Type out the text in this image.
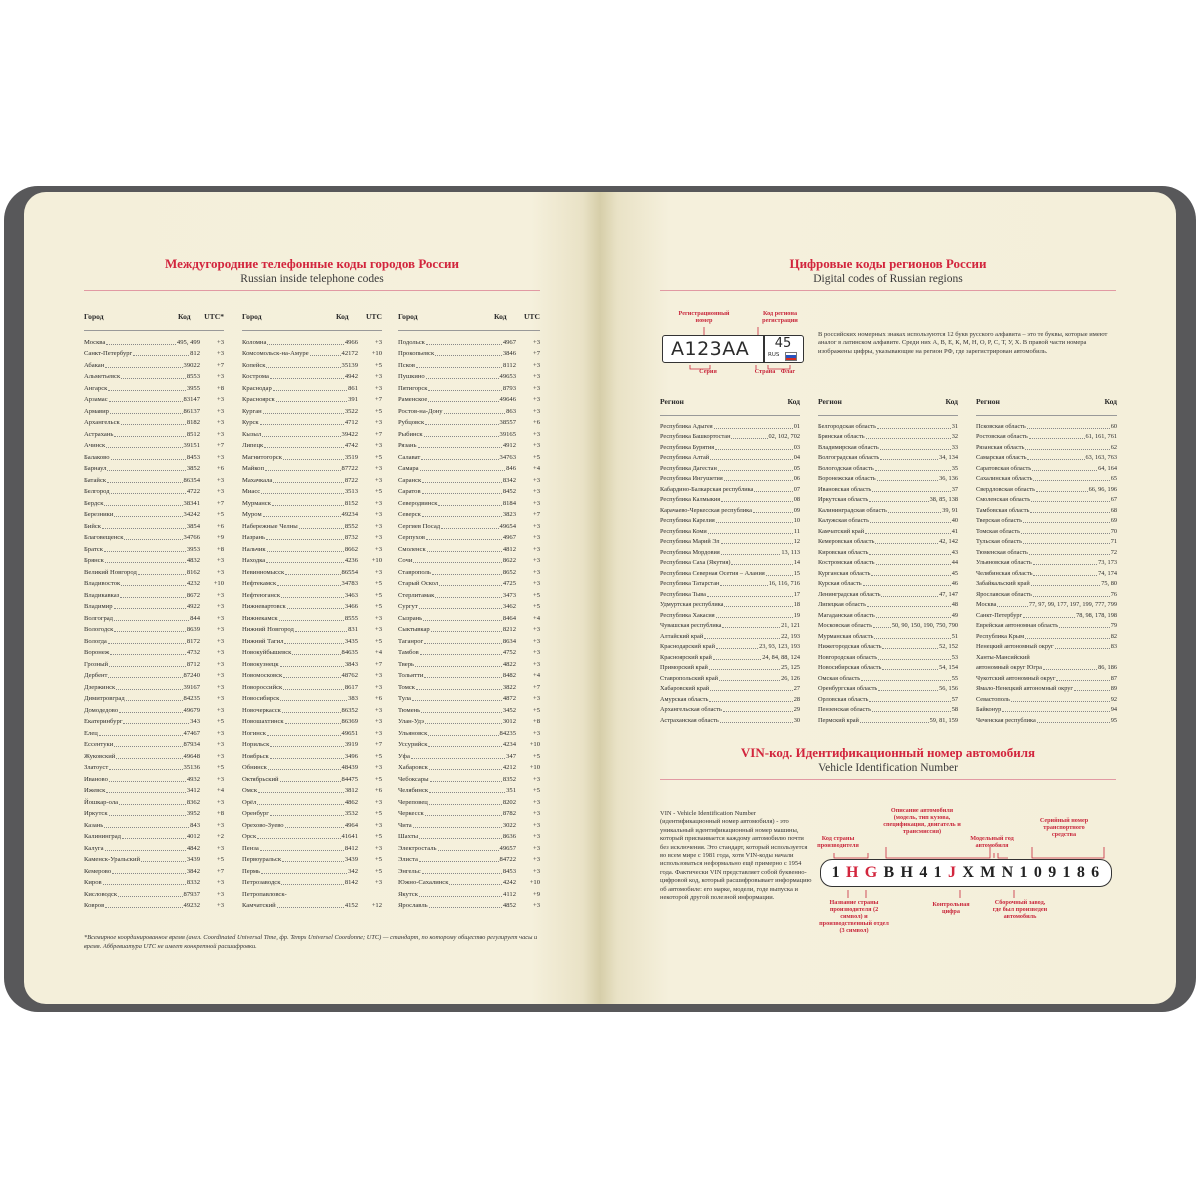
Междугородние телефонные коды городов России
Russian inside telephone codes
Город	Код UTC*
Москва	495, 499	+3
Санкт-Петербург	812	+3
Абакан	39022	+7
Альметьевск	8553	+3
Ангарск	3955	+8
Арзамас	83147	+3
Армавир	86137	+3
Архангельск	8182	+3
Астрахань	8512	+3
Ачинск	39151	+7
Балаково	8453	+3
Барнаул	3852	+6
Батайск	86354	+3
Белгород	4722	+3
Бердск	38341	+7
Березники	34242	+5
Бийск	3854	+6
Благовещенск	34766	+9
Братск	3953	+8
Брянск	4832	+3
Великий Новгород	8162	+3
Владивосток	4232	+10
Владикавказ	8672	+3
Владимир	4922	+3
Волгоград	844	+3
Вологодск	8639	+3
Вологда	8172	+3
Воронеж	4732	+3
Грозный	8712	+3
Дербент	87240	+3
Дзержинск	39167	+3
Димитровград	84235	+3
Домодедово	49679	+3
Екатеринбург	343	+5
Елец	47467	+3
Ессентуки	87934	+3
Жуковский	49648	+3
Златоуст	35136	+5
Иваново	4932	+3
Ижевск	3412	+4
Йошкар-ола	8362	+3
Иркутск	3952	+8
Казань	843	+3
Калининград	4012	+2
Калуга	4842	+3
Каменск-Уральский	3439	+5
Кемерово	3842	+7
Киров	8332	+3
Кисловодск	87937	+3
Коврoв	49232	+3
Город	Код UTC
Коломна	4966	+3
Комсомольск-на-Амуре	42172	+10
Копейск	35139	+5
Кострома	4942	+3
Краснодар	861	+3
Красноярск	391	+7
Курган	3522	+5
Курск	4712	+3
Кызыл	39422	+7
Липецк	4742	+3
Магнитогорск	3519	+5
Майкоп	87722	+3
Махачкала	8722	+3
Миасс	3513	+5
Мурманск	8152	+3
Муром	49234	+3
Набережные Челны	8552	+3
Назрань	8732	+3
Нальчик	8662	+3
Находка	4236	+10
Невинномысск	86554	+3
Нефтекамск	34783	+5
Нефтеюганск	3463	+5
Нижневартовск	3466	+5
Нижнекамск	8555	+3
Нижний Новгород	831	+3
Нижний Тагил	3435	+5
Новокуйбышевск	84635	+4
Новокузнецк	3843	+7
Новомосковск	48762	+3
Новороссийск	8617	+3
Новосибирск	383	+6
Новочеркасск	86352	+3
Новошахтинск	86369	+3
Ногинск	49651	+3
Норильск	3919	+7
Ноябрьск	3496	+5
Обнинск	48439	+3
Октябрьский	84475	+5
Омск	3812	+6
Орёл	4862	+3
Оренбург	3532	+5
Орехово-Зуево	4964	+3
Орск	41641	+5
Пенза	8412	+3
Первоуральск	3439	+5
Пермь	342	+5
Петрозаводск	8142	+3
Петропавловск-
Камчатский	4152	+12
Город	Код UTC
Подольск	4967	+3
Прокопьевск	3846	+7
Псков	8112	+3
Пушкино	49653	+3
Пятигорск	8793	+3
Раменское	49646	+3
Ростов-на-Дону	863	+3
Рубцовск	38557	+6
Рыбинск	39165	+3
Рязань	4912	+3
Салават	34763	+5
Самара	846	+4
Саранск	8342	+3
Саратов	8452	+3
Северодвинск	8184	+3
Северск	3823	+7
Сергиев Посад	49654	+3
Серпухов	4967	+3
Смоленск	4812	+3
Сочи	8622	+3
Ставрополь	8652	+3
Старый Оскол	4725	+3
Стерлитамак	3473	+5
Сургут	3462	+5
Сызрань	8464	+4
Сыктывкар	8212	+3
Таганрог	8634	+3
Тамбов	4752	+3
Тверь	4822	+3
Тольятти	8482	+4
Томск	3822	+7
Тула	4872	+3
Тюмень	3452	+5
Улан-Удэ	3012	+8
Ульяновск	84235	+3
Уссурийск	4234	+10
Уфа	347	+5
Хабаровск	4212	+10
Чебоксары	8352	+3
Челябинск	351	+5
Череповец	8202	+3
Черкесск	8782	+3
Чита	3022	+3
Шахты	8636	+3
Электросталь	49657	+3
Элиста	84722	+3
Энгельс	8453	+3
Южно-Сахалинск	4242	+10
Якутск	4112	+9
Ярославль	4852	+3
*Всемирное координированное время (англ. Coordinated Universal Time, фр. Temps Universel Coordonne; UTC) — стандарт, по которому общество регулирует часы и время. Аббревиатура UTC не имеет конкретной расшифровки.
Цифровые коды регионов России
Digital codes of Russian regions
Регистрационный номер
Код региона регистрации
А123АА	45
RUS
Серия	Страна Флаг
В российских номерных знаках используются 12 букв русского алфавита – это те буквы, которые имеют аналог в латинском алфавите. Среди них А, В, Е, К, М, Н, О, Р, С, Т, У, Х. В правой части номера изображены цифры, указывающие на регион РФ, где зарегистрирован автомобиль.
Регион	Код
Республика Адыгея	01
Республика Башкортостан	02, 102, 702
Республика Бурятия	03
Республика Алтай	04
Республика Дагестан	05
Республика Ингушетия	06
Кабардино-Балкарская республика	07
Республика Калмыкия	08
Карачаево-Черкесская республика	09
Республика Карелия	10
Республика Коми	11
Республика Марий Эл	12
Республика Мордовия	13, 113
Республика Саха (Якутия)	14
Республика Северная Осетия – Алания	15
Республика Татарстан	16, 116, 716
Республика Тыва	17
Удмуртская республика	18
Республика Хакасия	19
Чувашская республика	21, 121
Алтайский край	22, 193
Краснодарский край	23, 93, 123, 193
Красноярский край	24, 84, 88, 124
Приморский край	25, 125
Ставропольский край	26, 126
Хабаровский край	27
Амурская область	28
Архангельская область	29
Астраханская область	30
Регион	Код
Белгородская область	31
Брянская область	32
Владимирская область	33
Волгоградская область	34, 134
Вологодская область	35
Воронежская область	36, 136
Ивановская область	37
Иркутская область	38, 85, 138
Калининградская область	39, 91
Калужская область	40
Камчатский край	41
Кемеровская область	42, 142
Кировская область	43
Костромская область	44
Курганская область	45
Курская область	46
Ленинградская область	47, 147
Липецкая область	48
Магаданская область	49
Московская область	50, 90, 150, 190, 750, 790
Мурманская область	51
Нижегородская область	52, 152
Новгородская область	53
Новосибирская область	54, 154
Омская область	55
Оренбургская область	56, 156
Орловская область	57
Пензенская область	58
Пермский край	59, 81, 159
Регион	Код
Псковская область	60
Ростовская область	61, 161, 761
Рязанская область	62
Самарская область	63, 163, 763
Саратовская область	64, 164
Сахалинская область	65
Свердловская область	66, 96, 196
Смоленская область	67
Тамбовская область	68
Тверская область	69
Томская область	70
Тульская область	71
Тюменская область	72
Ульяновская область	73, 173
Челябинская область	74, 174
Забайкальский край	75, 80
Ярославская область	76
Москва	77, 97, 99, 177, 197, 199, 777, 799
Санкт-Петербург	78, 98, 178, 198
Еврейская автономная область	79
Республика Крым	82
Ненецкий автономный округ	83
Ханты-Мансийский
автономный округ Югра	86, 186
Чукотский автономный округ	87
Ямало-Ненецкий автономный округ	89
Севастополь	92
Байконур	94
Чеченская республика	95
VIN-код. Идентификационный номер автомобиля
Vehicle Identification Number
VIN - Vehicle Identification Number (идентификационный номер автомобиля) - это уникальный идентификационный номер машины, который присваивается каждому автомобилю почти без исключения. Это стандарт, который используется во всем мире с 1981 года, хотя VIN-коды начали использоваться неформально ещё примерно с 1954 года. Фактически VIN представляет собой буквенно-цифровой код, который расшифровывает информацию об автомобиле: его марке, модели, годе выпуска и некоторой другой полезной информации.
Код страны производителя
Описание автомобиля (модель, тип кузова, спецификация, двигатель и трансмиссия)
Модельный год автомобиля
Серийный номер транспортного средства
1 H G B H 4 1 J X M N 1 0 9 1 8 6
Название страны производителя (2 символ) и производственный отдел (3 символ)
Контрольная цифра
Сборочный завод, где был произведен автомобиль
